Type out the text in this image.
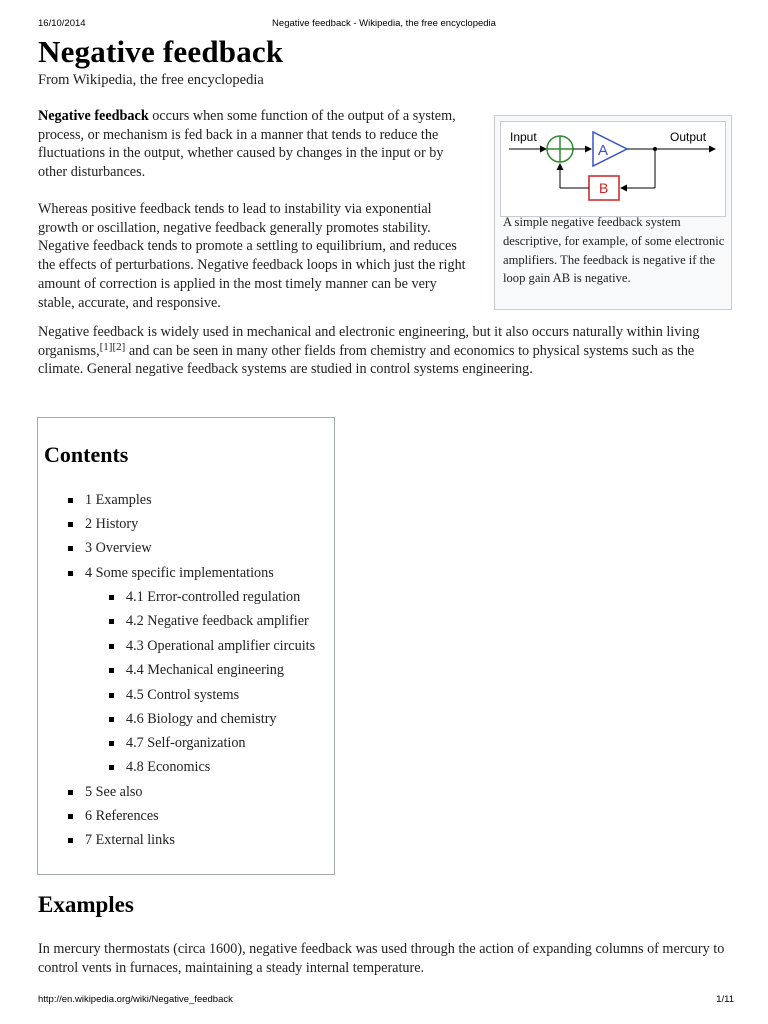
16/10/2014	Negative feedback - Wikipedia, the free encyclopedia
Negative feedback
From Wikipedia, the free encyclopedia

Negative feedback occurs when some function of the output of a system, process, or mechanism is fed back in a manner that tends to reduce the fluctuations in the output, whether caused by changes in the input or by other disturbances.

Whereas positive feedback tends to lead to instability via exponential growth or oscillation, negative feedback generally promotes stability. Negative feedback tends to promote a settling to equilibrium, and reduces the effects of perturbations. Negative feedback loops in which just the right amount of correction is applied in the most timely manner can be very stable, accurate, and responsive.

Input	Output
A
B
A simple negative feedback system descriptive, for example, of some electronic amplifiers. The feedback is negative if the loop gain AB is negative.

Negative feedback is widely used in mechanical and electronic engineering, but it also occurs naturally within living organisms,[1][2] and can be seen in many other fields from chemistry and economics to physical systems such as the climate. General negative feedback systems are studied in control systems engineering.

Contents
1 Examples
2 History
3 Overview
4 Some specific implementations
4.1 Error-controlled regulation
4.2 Negative feedback amplifier
4.3 Operational amplifier circuits
4.4 Mechanical engineering
4.5 Control systems
4.6 Biology and chemistry
4.7 Self-organization
4.8 Economics
5 See also
6 References
7 External links
Examples

In mercury thermostats (circa 1600), negative feedback was used through the action of expanding columns of mercury to control vents in furnaces, maintaining a steady internal temperature.

http://en.wikipedia.org/wiki/Negative_feedback	1/11
